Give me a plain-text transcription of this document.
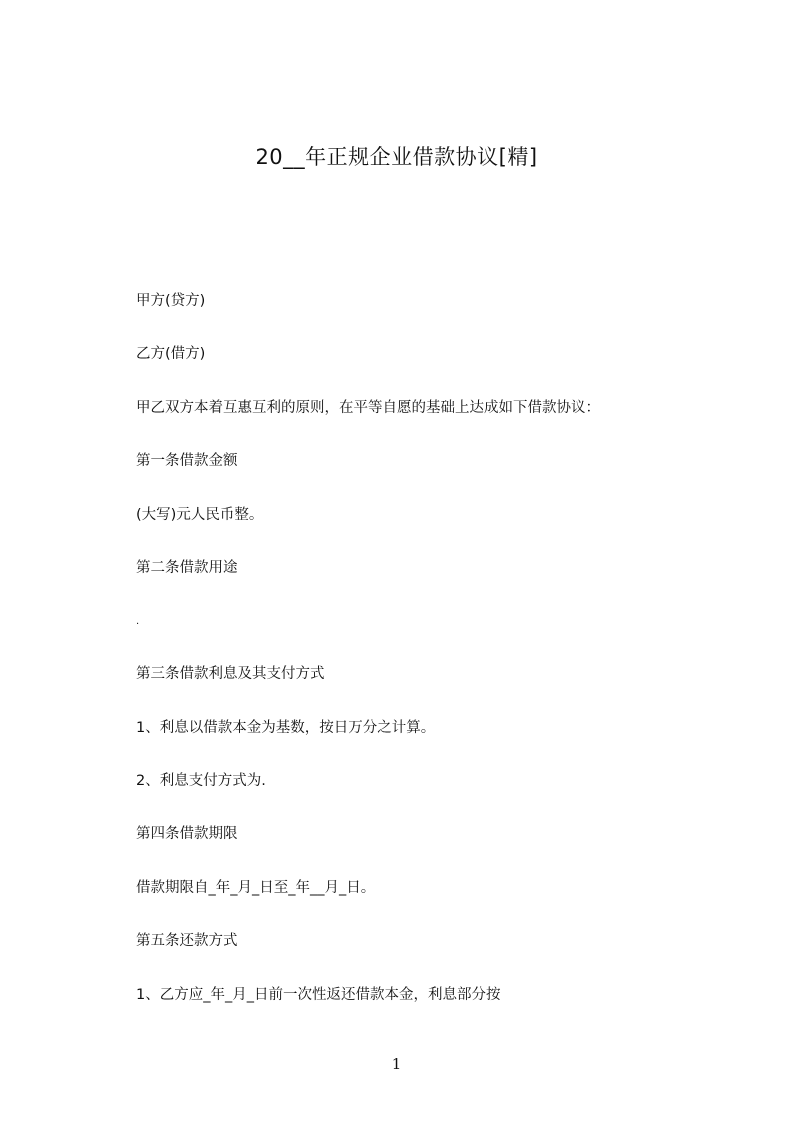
20__年正规企业借款协议[精]

甲方(贷方)

乙方(借方)

甲乙双方本着互惠互利的原则，在平等自愿的基础上达成如下借款协议：

第一条借款金额

(大写)元人民币整。

第二条借款用途

.

第三条借款利息及其支付方式

1、利息以借款本金为基数，按日万分之计算。

2、利息支付方式为.

第四条借款期限

借款期限自_年_月_日至_年__月_日。

第五条还款方式

1、乙方应_年_月_日前一次性返还借款本金，利息部分按

1
